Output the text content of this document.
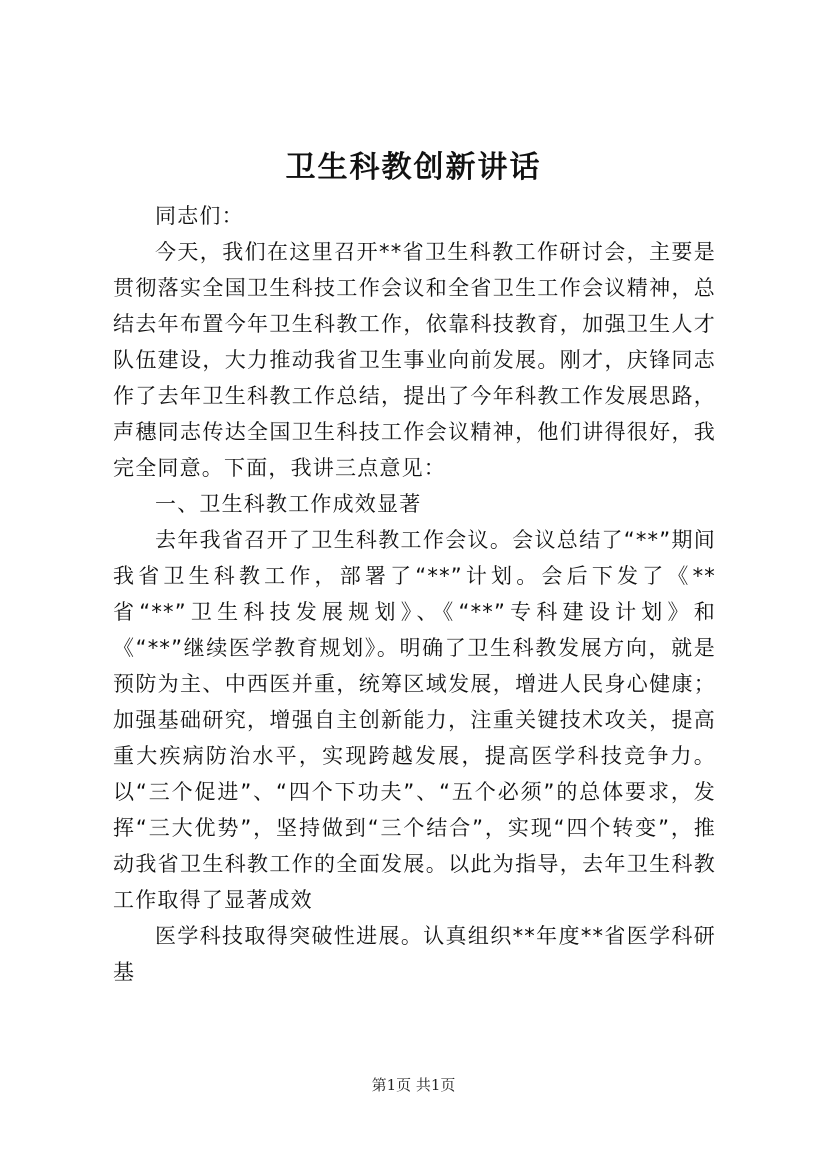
卫生科教创新讲话

同志们：

今天，我们在这里召开**省卫生科教工作研讨会，主要是贯彻落实全国卫生科技工作会议和全省卫生工作会议精神，总结去年布置今年卫生科教工作，依靠科技教育，加强卫生人才队伍建设，大力推动我省卫生事业向前发展。刚才，庆锋同志作了去年卫生科教工作总结，提出了今年科教工作发展思路，声穗同志传达全国卫生科技工作会议精神，他们讲得很好，我完全同意。下面，我讲三点意见：

一、卫生科教工作成效显著

去年我省召开了卫生科教工作会议。会议总结了“**”期间我省卫生科教工作，部署了“**”计划。会后下发了《**省“**”卫生科技发展规划》、《“**”专科建设计划》和《“**”继续医学教育规划》。明确了卫生科教发展方向，就是预防为主、中西医并重，统筹区域发展，增进人民身心健康；加强基础研究，增强自主创新能力，注重关键技术攻关，提高重大疾病防治水平，实现跨越发展，提高医学科技竞争力。以“三个促进”、“四个下功夫”、“五个必须”的总体要求，发挥“三大优势”，坚持做到“三个结合”，实现“四个转变”，推动我省卫生科教工作的全面发展。以此为指导，去年卫生科教工作取得了显著成效

医学科技取得突破性进展。认真组织**年度**省医学科研基

第1页 共1页
